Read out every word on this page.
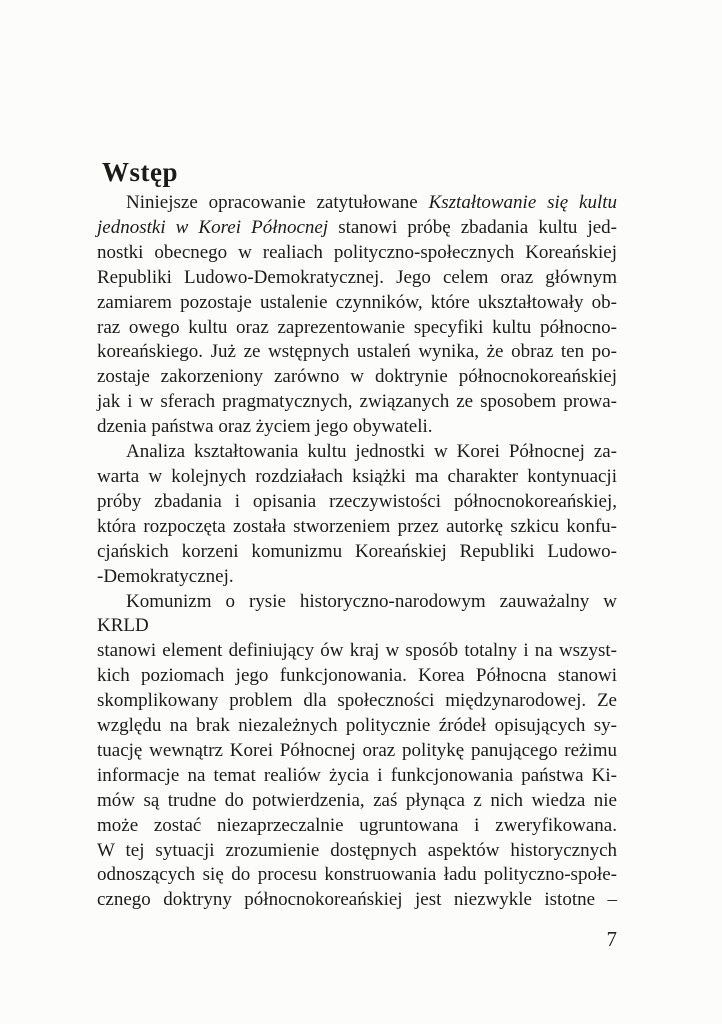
Wstęp
Niniejsze opracowanie zatytułowane Kształtowanie się kultu
jednostki w Korei Północnej stanowi próbę zbadania kultu jed-
nostki obecnego w realiach polityczno-społecznych Koreańskiej
Republiki Ludowo-Demokratycznej. Jego celem oraz głównym
zamiarem pozostaje ustalenie czynników, które ukształtowały ob-
raz owego kultu oraz zaprezentowanie specyfiki kultu północno-
koreańskiego. Już ze wstępnych ustaleń wynika, że obraz ten po-
zostaje zakorzeniony zarówno w doktrynie północnokoreańskiej
jak i w sferach pragmatycznych, związanych ze sposobem prowa-
dzenia państwa oraz życiem jego obywateli.
Analiza kształtowania kultu jednostki w Korei Północnej za-
warta w kolejnych rozdziałach książki ma charakter kontynuacji
próby zbadania i opisania rzeczywistości północnokoreańskiej,
która rozpoczęta została stworzeniem przez autorkę szkicu konfu-
cjańskich korzeni komunizmu Koreańskiej Republiki Ludowo-
-Demokratycznej.
Komunizm o rysie historyczno-narodowym zauważalny w KRLD
stanowi element definiujący ów kraj w sposób totalny i na wszyst-
kich poziomach jego funkcjonowania. Korea Północna stanowi
skomplikowany problem dla społeczności międzynarodowej. Ze
względu na brak niezależnych politycznie źródeł opisujących sy-
tuację wewnątrz Korei Północnej oraz politykę panującego reżimu
informacje na temat realiów życia i funkcjonowania państwa Ki-
mów są trudne do potwierdzenia, zaś płynąca z nich wiedza nie
może zostać niezaprzeczalnie ugruntowana i zweryfikowana.
W tej sytuacji zrozumienie dostępnych aspektów historycznych
odnoszących się do procesu konstruowania ładu polityczno-społe-
cznego doktryny północnokoreańskiej jest niezwykle istotne –
7
